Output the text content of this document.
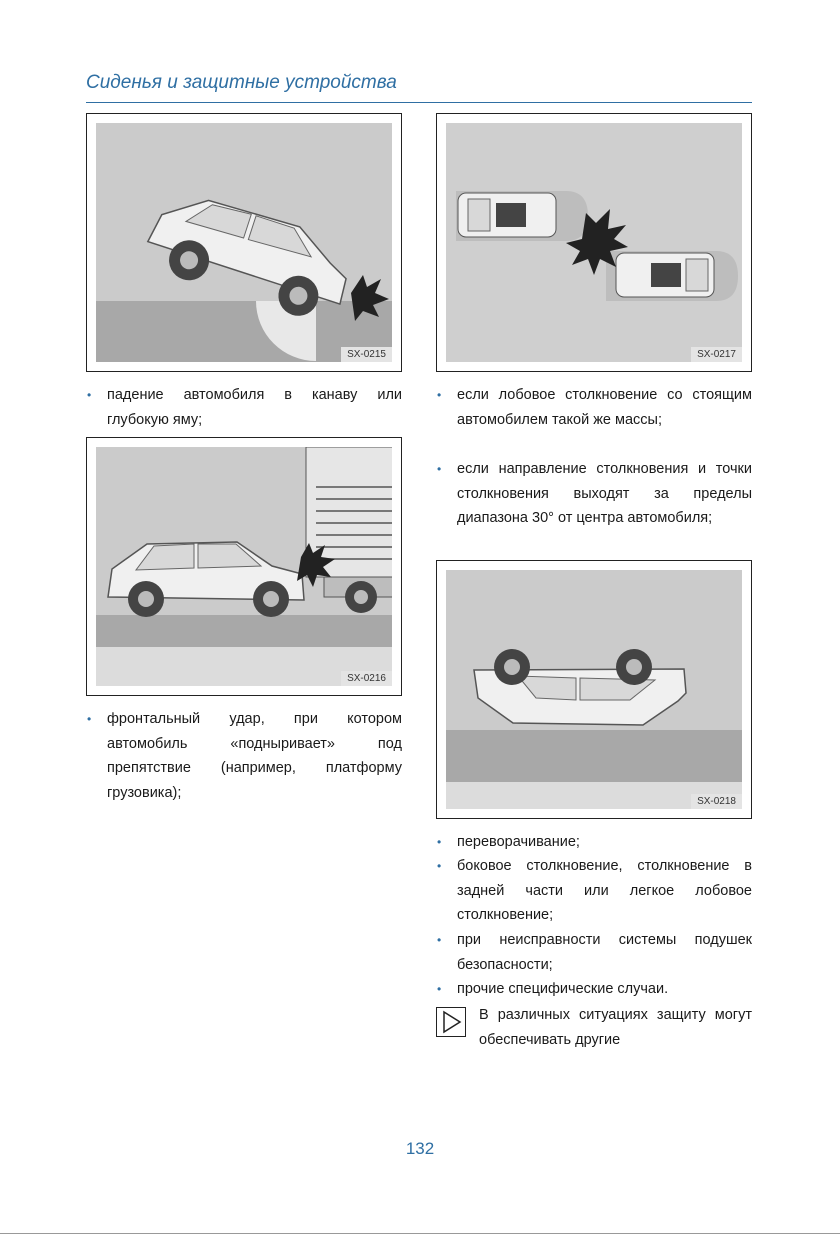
Сиденья и защитные устройства
SX-0215
• падение автомобиля в канаву или глубокую яму;
SX-0216
• фронтальный удар, при котором автомобиль «подныривает» под препятствие (например, платформу грузовика);
SX-0217
• если лобовое столкновение со стоящим автомобилем такой же массы;
• если направление столкновения и точки столкновения выходят за пределы диапазона 30° от центра автомобиля;
SX-0218
• переворачивание;
• боковое столкновение, столкновение в задней части или легкое лобовое столкновение;
• при неисправности системы подушек безопасности;
• прочие специфические случаи.
В различных ситуациях защиту могут обеспечивать другие
132
